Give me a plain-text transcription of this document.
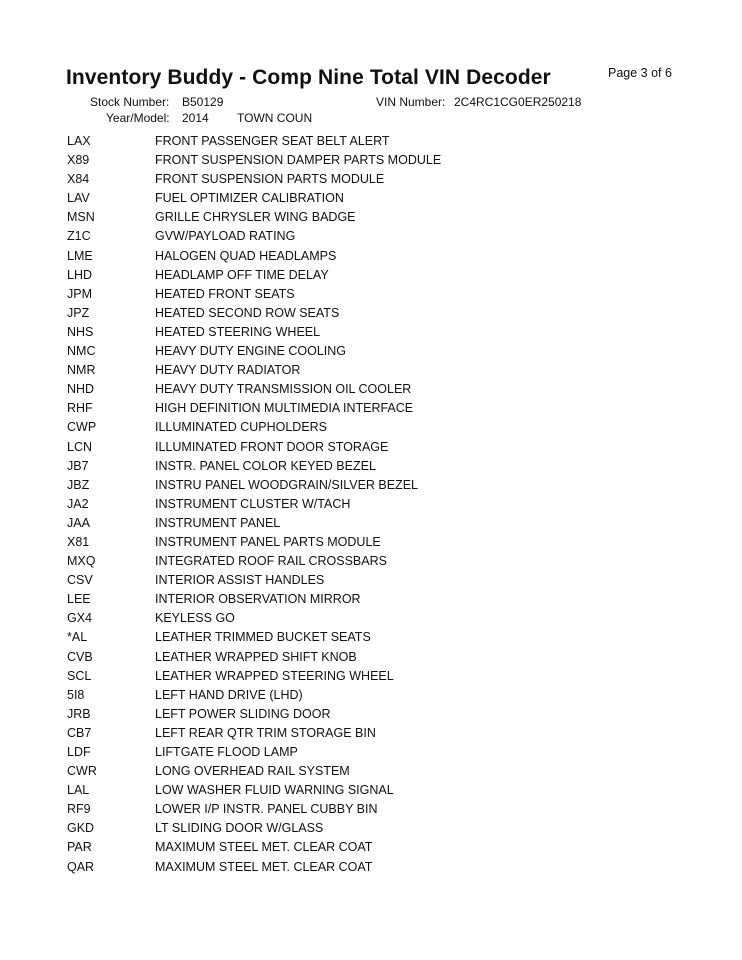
Inventory Buddy - Comp Nine Total VIN Decoder	Page 3 of 6
Stock Number: B50129	VIN Number: 2C4RC1CG0ER250218
Year/Model: 2014 TOWN COUN
LAX	FRONT PASSENGER SEAT BELT ALERT
X89	FRONT SUSPENSION DAMPER PARTS MODULE
X84	FRONT SUSPENSION PARTS MODULE
LAV	FUEL OPTIMIZER CALIBRATION
MSN	GRILLE CHRYSLER WING BADGE
Z1C	GVW/PAYLOAD RATING
LME	HALOGEN QUAD HEADLAMPS
LHD	HEADLAMP OFF TIME DELAY
JPM	HEATED FRONT SEATS
JPZ	HEATED SECOND ROW SEATS
NHS	HEATED STEERING WHEEL
NMC	HEAVY DUTY ENGINE COOLING
NMR	HEAVY DUTY RADIATOR
NHD	HEAVY DUTY TRANSMISSION OIL COOLER
RHF	HIGH DEFINITION MULTIMEDIA INTERFACE
CWP	ILLUMINATED CUPHOLDERS
LCN	ILLUMINATED FRONT DOOR STORAGE
JB7	INSTR. PANEL COLOR KEYED BEZEL
JBZ	INSTRU PANEL WOODGRAIN/SILVER BEZEL
JA2	INSTRUMENT CLUSTER W/TACH
JAA	INSTRUMENT PANEL
X81	INSTRUMENT PANEL PARTS MODULE
MXQ	INTEGRATED ROOF RAIL CROSSBARS
CSV	INTERIOR ASSIST HANDLES
LEE	INTERIOR OBSERVATION MIRROR
GX4	KEYLESS GO
*AL	LEATHER TRIMMED BUCKET SEATS
CVB	LEATHER WRAPPED SHIFT KNOB
SCL	LEATHER WRAPPED STEERING WHEEL
5I8	LEFT HAND DRIVE (LHD)
JRB	LEFT POWER SLIDING DOOR
CB7	LEFT REAR QTR TRIM STORAGE BIN
LDF	LIFTGATE FLOOD LAMP
CWR	LONG OVERHEAD RAIL SYSTEM
LAL	LOW WASHER FLUID WARNING SIGNAL
RF9	LOWER I/P INSTR. PANEL CUBBY BIN
GKD	LT SLIDING DOOR W/GLASS
PAR	MAXIMUM STEEL MET. CLEAR COAT
QAR	MAXIMUM STEEL MET. CLEAR COAT
